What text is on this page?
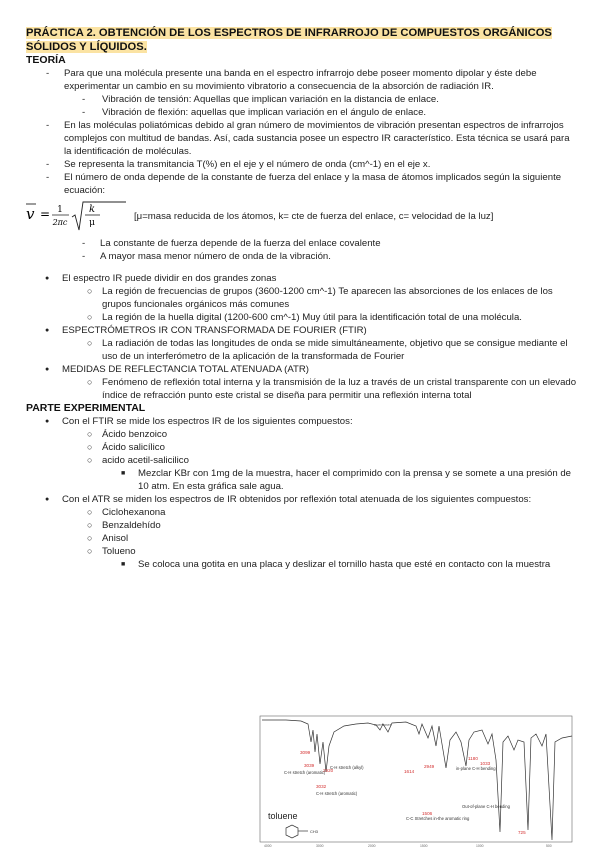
PRÁCTICA 2. OBTENCIÓN DE LOS ESPECTROS DE INFRARROJO DE COMPUESTOS ORGÁNICOS
SÓLIDOS Y LÍQUIDOS.

TEORÍA

- Para que una molécula presente una banda en el espectro infrarrojo debe poseer momento dipolar y éste debe experimentar un cambio en su movimiento vibratorio a consecuencia de la absorción de radiación IR.

- Vibración de tensión: Aquellas que implican variación en la distancia de enlace.

- Vibración de flexión: aquellas que implican variación en el ángulo de enlace.

- En las moléculas poliatómicas debido al gran número de movimientos de vibración presentan espectros de infrarrojos complejos con multitud de bandas. Así, cada sustancia posee un espectro IR característico. Esta técnica se usará para la identificación de moléculas.

- Se representa la transmitancia T(%) en el eje y el número de onda (cm^-1) en el eje x.

- El número de onda depende de la constante de fuerza del enlace y la masa de átomos implicados según la siguiente ecuación:

v = 1
2πc
k
μ
[μ=masa reducida de los átomos, k= cte de fuerza del enlace, c= velocidad de la luz]

- La constante de fuerza depende de la fuerza del enlace covalente

- A mayor masa menor número de onda de la vibración.

● El espectro IR puede dividir en dos grandes zonas

○ La región de frecuencias de grupos (3600-1200 cm^-1) Te aparecen las absorciones de los enlaces de los grupos funcionales orgánicos más comunes

○ La región de la huella digital (1200-600 cm^-1) Muy útil para la identificación total de una molécula.

● ESPECTRÓMETROS IR CON TRANSFORMADA DE FOURIER (FTIR)

○ La radiación de todas las longitudes de onda se mide simultáneamente, objetivo que se consigue mediante el uso de un interferómetro de la aplicación de la transformada de Fourier

● MEDIDAS DE REFLECTANCIA TOTAL ATENUADA (ATR)

○ Fenómeno de reflexión total interna y la transmisión de la luz a través de un cristal transparente con un elevado índice de refracción punto este cristal se diseña para permitir una reflexión interna total

PARTE EXPERIMENTAL

● Con el FTIR se mide los espectros IR de los siguientes compuestos:

○ Ácido benzoico

○ Ácido salicílico

○ acido acetil-salicilico

■ Mezclar KBr con 1mg de la muestra, hacer el comprimido con la prensa y se somete a una presión de 10 atm. En esta gráfica sale agua.

● Con el ATR se miden los espectros de IR obtenidos por reflexión total atenuada de los siguientes compuestos:

○ Ciclohexanona

○ Benzaldehído

○ Anisol

○ Tolueno

■ Se coloca una gotita en una placa y deslizar el tornillo hasta que esté en contacto con la muestra

overtones
3099
3039
2920
3032
1614
2949
1506
1180
1033
725
C-H stretch (aromatic)
C-H stretch (alkyl)
C-H stretch (aromatic)
C-C Stretches in-the aromatic ring
in-plane C-H bending
Out-of-plane C-H bending
toluene
CH3
4000	3000	2000	1500	1000	500
